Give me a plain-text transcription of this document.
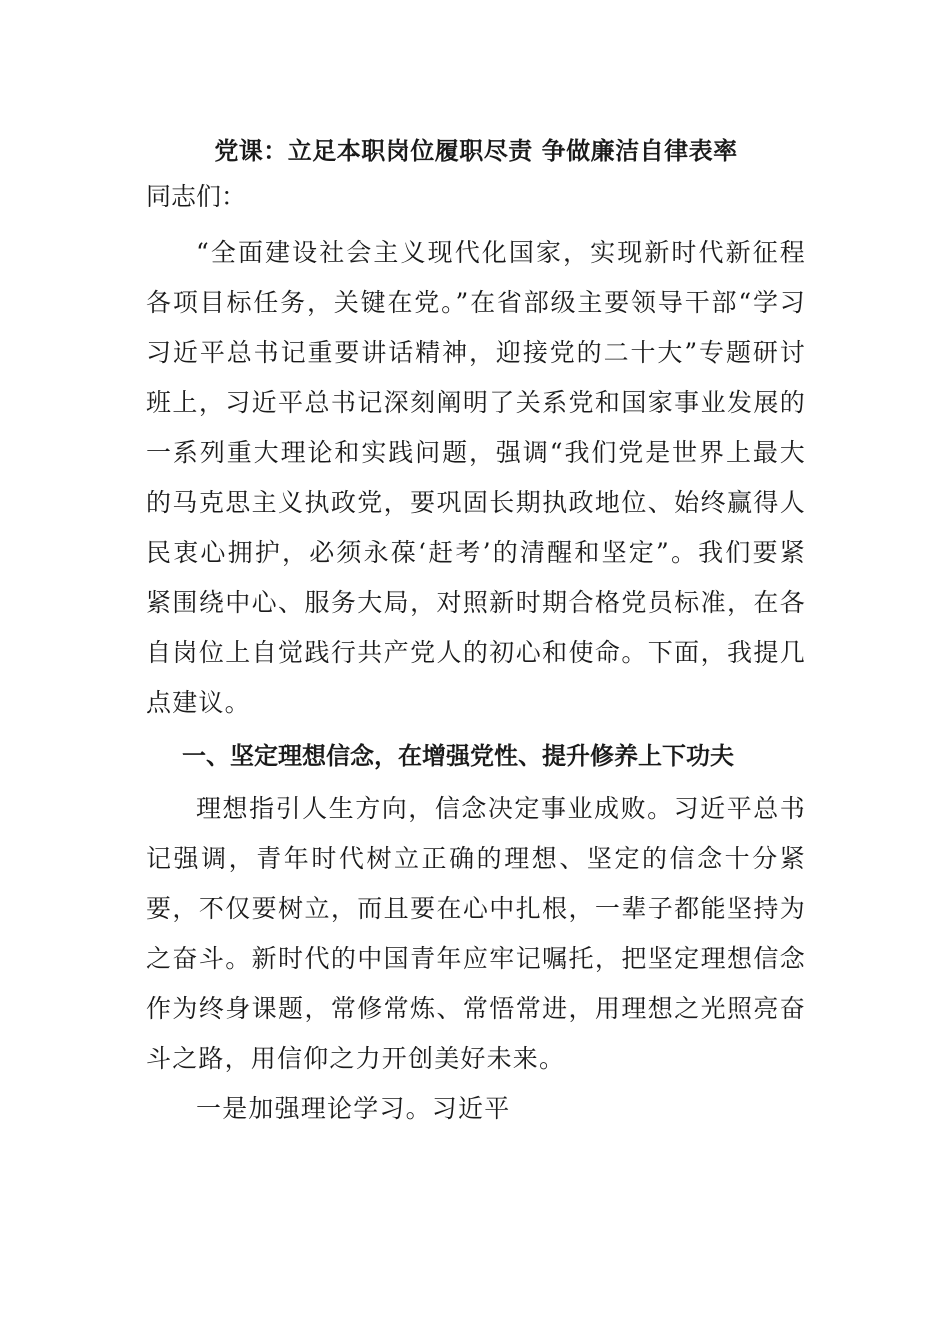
党课：立足本职岗位履职尽责 争做廉洁自律表率

同志们：

“全面建设社会主义现代化国家，实现新时代新征程各项目标任务，关键在党。”在省部级主要领导干部“学习习近平总书记重要讲话精神，迎接党的二十大”专题研讨班上，习近平总书记深刻阐明了关系党和国家事业发展的一系列重大理论和实践问题，强调“我们党是世界上最大的马克思主义执政党，要巩固长期执政地位、始终赢得人民衷心拥护，必须永葆‘赶考’的清醒和坚定”。我们要紧紧围绕中心、服务大局，对照新时期合格党员标准，在各自岗位上自觉践行共产党人的初心和使命。下面，我提几点建议。

一、坚定理想信念，在增强党性、提升修养上下功夫

理想指引人生方向，信念决定事业成败。习近平总书记强调，青年时代树立正确的理想、坚定的信念十分紧要，不仅要树立，而且要在心中扎根，一辈子都能坚持为之奋斗。新时代的中国青年应牢记嘱托，把坚定理想信念作为终身课题，常修常炼、常悟常进，用理想之光照亮奋斗之路，用信仰之力开创美好未来。

一是加强理论学习。习近平
